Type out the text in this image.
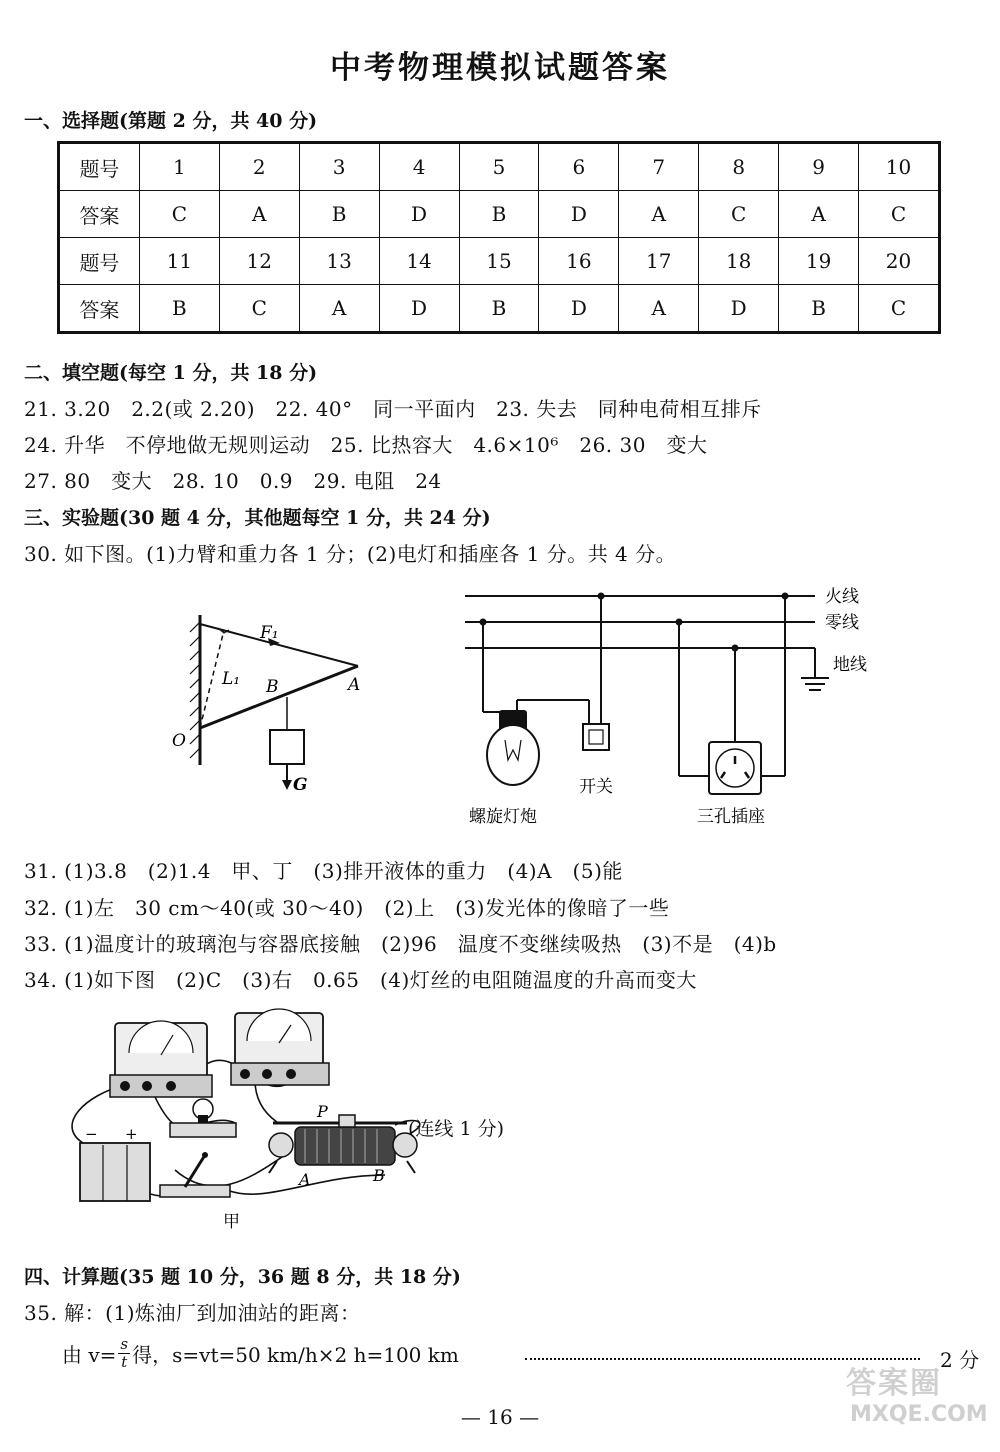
中考物理模拟试题答案
一、选择题(第题 2 分，共 40 分)
题号	1	2	3	4	5	6	7	8	9	10
答案	C	A	B	D	B	D	A	C	A	C
题号	11	12	13	14	15	16	17	18	19	20
答案	B	C	A	D	B	D	A	D	B	C
二、填空题(每空 1 分，共 18 分)
21. 3.20　2.2(或 2.20)　22. 40°　同一平面内　23. 失去　同种电荷相互排斥
24. 升华　不停地做无规则运动　25. 比热容大　4.6×10⁶　26. 30　变大
27. 80　变大　28. 10　0.9　29. 电阻　24
三、实验题(30 题 4 分，其他题每空 1 分，共 24 分)
30. 如下图。(1)力臂和重力各 1 分；(2)电灯和插座各 1 分。共 4 分。
F₁
L₁ B	A
O
G
火线
零线
地线
开关
螺旋灯炮	三孔插座
31. (1)3.8　(2)1.4　甲、丁　(3)排开液体的重力　(4)A　(5)能
32. (1)左　30 cm～40(或 30～40)　(2)上　(3)发光体的像暗了一些
33. (1)温度计的玻璃泡与容器底接触　(2)96　温度不变继续吸热　(3)不是　(4)b
34. (1)如下图　(2)C　(3)右　0.65　(4)灯丝的电阻随温度的升高而变大
− +
甲
P
A	B
(连线 1 分)
四、计算题(35 题 10 分，36 题 8 分，共 18 分)
35. 解：(1)炼油厂到加油站的距离：
由 $v= \frac{s}{t}$ 得，s=vt=50 km/h×2 h=100 km	2 分
— 16 —
答案圈
MXQE.COM
